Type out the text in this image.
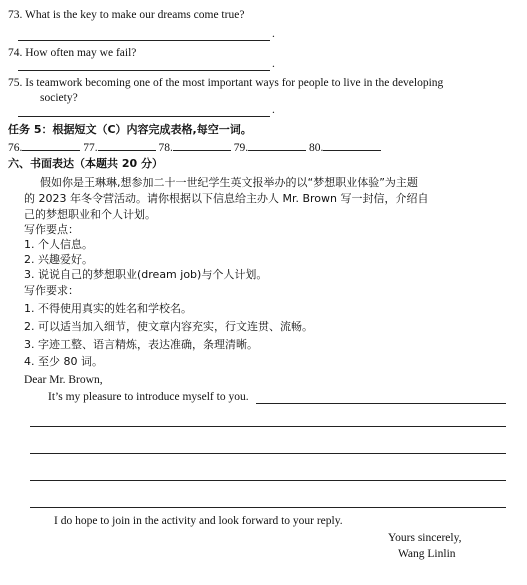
73. What is the key to make our dreams come true?
.
74. How often may we fail?
.
75. Is teamwork becoming one of the most important ways for people to live in the developing
society?
.
任务 5：根据短文（C）内容完成表格,每空一词。
76.	77.	78.	79.	80.
六、书面表达（本题共 20 分）
假如你是王琳琳,想参加二十一世纪学生英文报举办的以“梦想职业体验”为主题
的 2023 年冬令营活动。请你根据以下信息给主办人 Mr. Brown 写一封信，介绍自
己的梦想职业和个人计划。
写作要点：
1. 个人信息。
2. 兴趣爱好。
3. 说说自己的梦想职业(dream job)与个人计划。
写作要求：
1. 不得使用真实的姓名和学校名。
2. 可以适当加入细节，使文章内容充实，行文连贯、流畅。
3. 字迹工整、语言精炼，表达准确，条理清晰。
4. 至少 80 词。
Dear Mr. Brown,
It’s my pleasure to introduce myself to you.
I do hope to join in the activity and look forward to your reply.
Yours sincerely,
Wang Linlin
